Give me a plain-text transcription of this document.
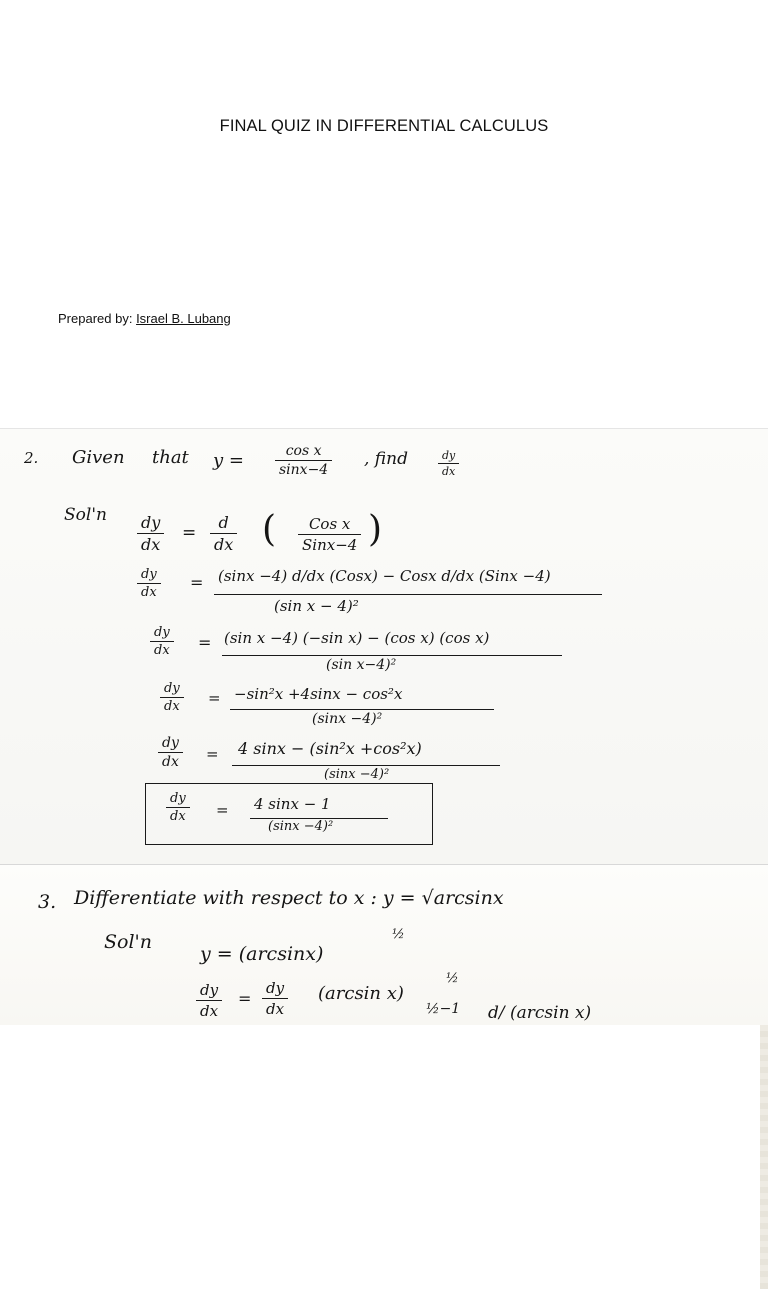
FINAL QUIZ IN DIFFERENTIAL CALCULUS
Prepared by: Israel B. Lubang
2. Given that $y = \frac{\text{cos x}}{\sin x-4}$ , find	$\frac{dy}{dx}$
$Sol'n \frac{dy}{dx} = \frac{d}{dx}$ ( Cos x
Sinx−4 )
$\frac{dy}{dx} = (\sin x -4)$ d/dx (Cosx) − Cosx d/dx (Sinx −4)
(sin x − 4)²
$\frac{dy}{dx} = (\sin$ x −4) (−sin x) − (cos x) (cos x)
(sin x−4)²
$\frac{dy}{dx} = -\sin^2x +4\sin x - \cos^2x$
(sinx −4)²
$\frac{dy}{dx} = 4$ sinx − (sin²x +cos²x)
(sinx −4)²
$\frac{dy}{dx} = 4$ sinx − 1
(sinx −4)²
3. Differentiate with respect to x : y = √arcsinx
Sol'n
y = (arcsinx)
½
$\frac{dy}{dx} = \frac{dy}{dx} (\arcsin$ x)
½
½−1 d/ (arcsin x)
